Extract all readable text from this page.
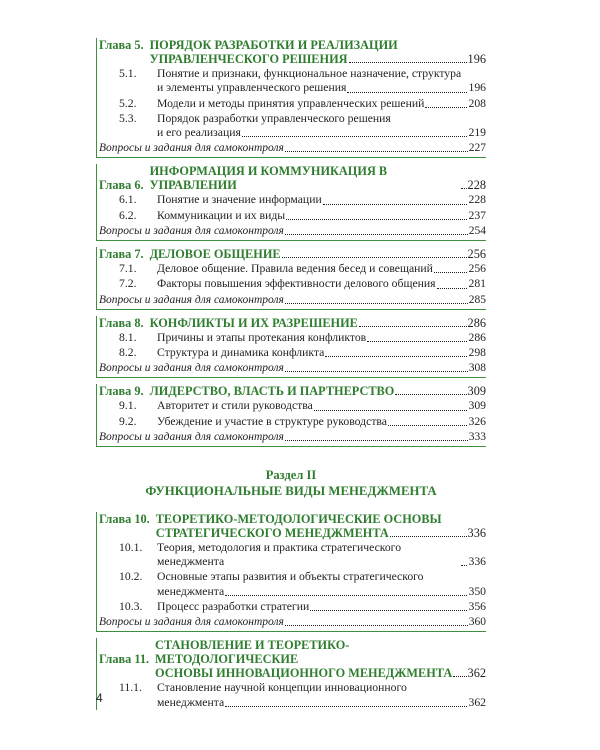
Глава 5. ПОРЯДОК РАЗРАБОТКИ И РЕАЛИЗАЦИИ
УПРАВЛЕНЧЕСКОГО РЕШЕНИЯ	196
5.1.	Понятие и признаки, функциональное назначение, структура
и элементы управленческого решения	196
5.2.	Модели и методы принятия управленческих решений	208
5.3.	Порядок разработки управленческого решения
и его реализация	219
Вопросы и задания для самоконтроля	227
Глава 6.
ИНФОРМАЦИЯ И КОММУНИКАЦИЯ В УПРАВЛЕНИИ	228
6.1.	Понятие и значение информации	228
6.2.	Коммуникации и их виды	237
Вопросы и задания для самоконтроля	254
Глава 7. ДЕЛОВОЕ ОБЩЕНИЕ	256
7.1.	Деловое общение. Правила ведения бесед и совещаний	256
7.2.	Факторы повышения эффективности делового общения	281
Вопросы и задания для самоконтроля	285
Глава 8. КОНФЛИКТЫ И ИХ РАЗРЕШЕНИЕ	286
8.1.	Причины и этапы протекания конфликтов	286
8.2.	Структура и динамика конфликта	298
Вопросы и задания для самоконтроля	308
Глава 9. ЛИДЕРСТВО, ВЛАСТЬ И ПАРТНЕРСТВО	309
9.1.	Авторитет и стили руководства	309
9.2.	Убеждение и участие в структуре руководства	326
Вопросы и задания для самоконтроля	333
Раздел II
ФУНКЦИОНАЛЬНЫЕ ВИДЫ МЕНЕДЖМЕНТА
Глава 10. ТЕОРЕТИКО-МЕТОДОЛОГИЧЕСКИЕ ОСНОВЫ
СТРАТЕГИЧЕСКОГО МЕНЕДЖМЕНТА	336
10.1.	Теория, методология и практика стратегического менеджмента	336
10.2.	Основные этапы развития и объекты стратегического
менеджмента	350
10.3.	Процесс разработки стратегии	356
Вопросы и задания для самоконтроля	360
Глава 11.
СТАНОВЛЕНИЕ И ТЕОРЕТИКО-МЕТОДОЛОГИЧЕСКИЕ
ОСНОВЫ ИННОВАЦИОННОГО МЕНЕДЖМЕНТА 362
11.1.	Становление научной концепции инновационного
менеджмента	362
4
